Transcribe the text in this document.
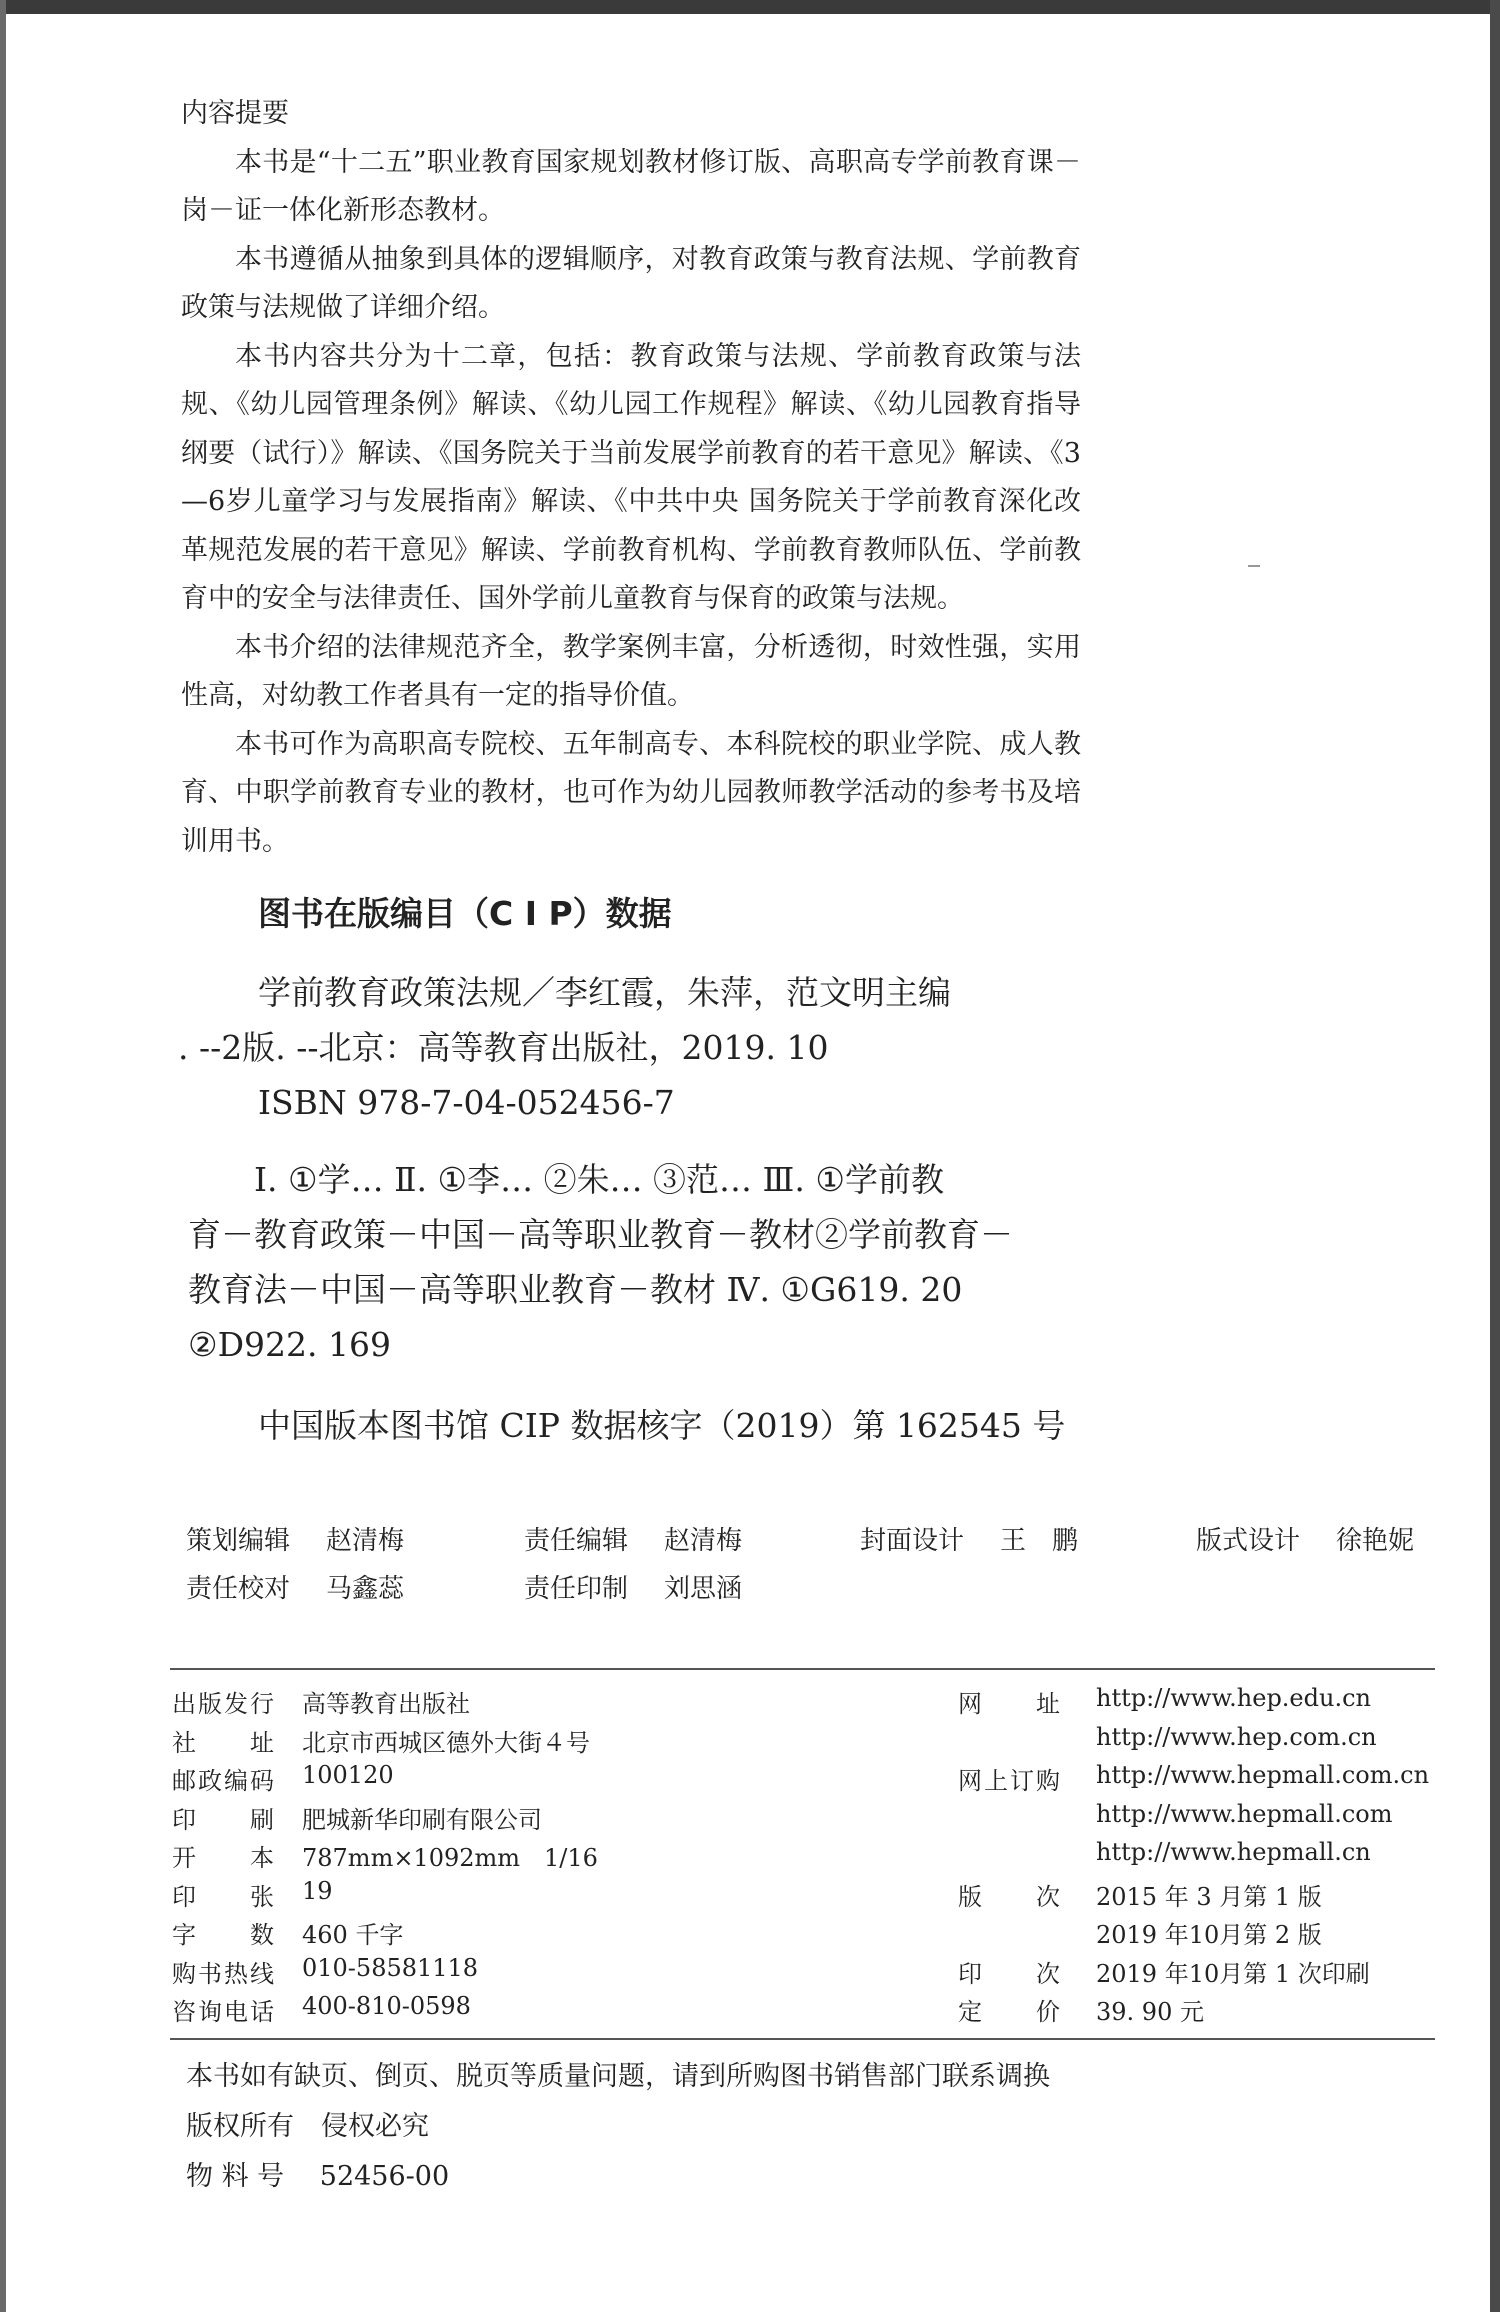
内容提要

本书是“十二五”职业教育国家规划教材修订版、高职高专学前教育课－岗－证一体化新形态教材。

本书遵循从抽象到具体的逻辑顺序，对教育政策与教育法规、学前教育政策与法规做了详细介绍。

本书内容共分为十二章，包括：教育政策与法规、学前教育政策与法规、《幼儿园管理条例》解读、《幼儿园工作规程》解读、《幼儿园教育指导纲要（试行）》解读、《国务院关于当前发展学前教育的若干意见》解读、《3—6岁儿童学习与发展指南》解读、《中共中央 国务院关于学前教育深化改革规范发展的若干意见》解读、学前教育机构、学前教育教师队伍、学前教育中的安全与法律责任、国外学前儿童教育与保育的政策与法规。

本书介绍的法律规范齐全，教学案例丰富，分析透彻，时效性强，实用性高，对幼教工作者具有一定的指导价值。

本书可作为高职高专院校、五年制高专、本科院校的职业学院、成人教育、中职学前教育专业的教材，也可作为幼儿园教师教学活动的参考书及培训用书。

图书在版编目（C I P）数据

学前教育政策法规／李红霞，朱萍，范文明主编

. --2版. --北京：高等教育出版社，2019. 10

ISBN 978-7-04-052456-7

Ⅰ. ①学… Ⅱ. ①李… ②朱… ③范… Ⅲ. ①学前教

育－教育政策－中国－高等职业教育－教材②学前教育－

教育法－中国－高等职业教育－教材 Ⅳ. ①G619. 20

②D922. 169

中国版本图书馆 CIP 数据核字（2019）第 162545 号

策划编辑 赵清梅	责任编辑 赵清梅	封面设计 王　鹏	版式设计 徐艳妮
责任校对 马鑫蕊	责任印制 刘思涵
出版发行 高等教育出版社	网　　址 http://www.hep.edu.cn
社　　址 北京市西城区德外大街４号	http://www.hep.com.cn
邮政编码 100120	网上订购 http://www.hepmall.com.cn
印　　刷 肥城新华印刷有限公司	http://www.hepmall.com
开　　本 787mm×1092mm　1/16	http://www.hepmall.cn
印　　张 19	版　　次 2015 年 3 月第 1 版
字　　数 460 千字	2019 年10月第 2 版
购书热线 010-58581118	印　　次 2019 年10月第 1 次印刷
咨询电话 400-810-0598	定　　价 39. 90 元

本书如有缺页、倒页、脱页等质量问题，请到所购图书销售部门联系调换

版权所有　侵权必究

物 料 号　 52456-00
